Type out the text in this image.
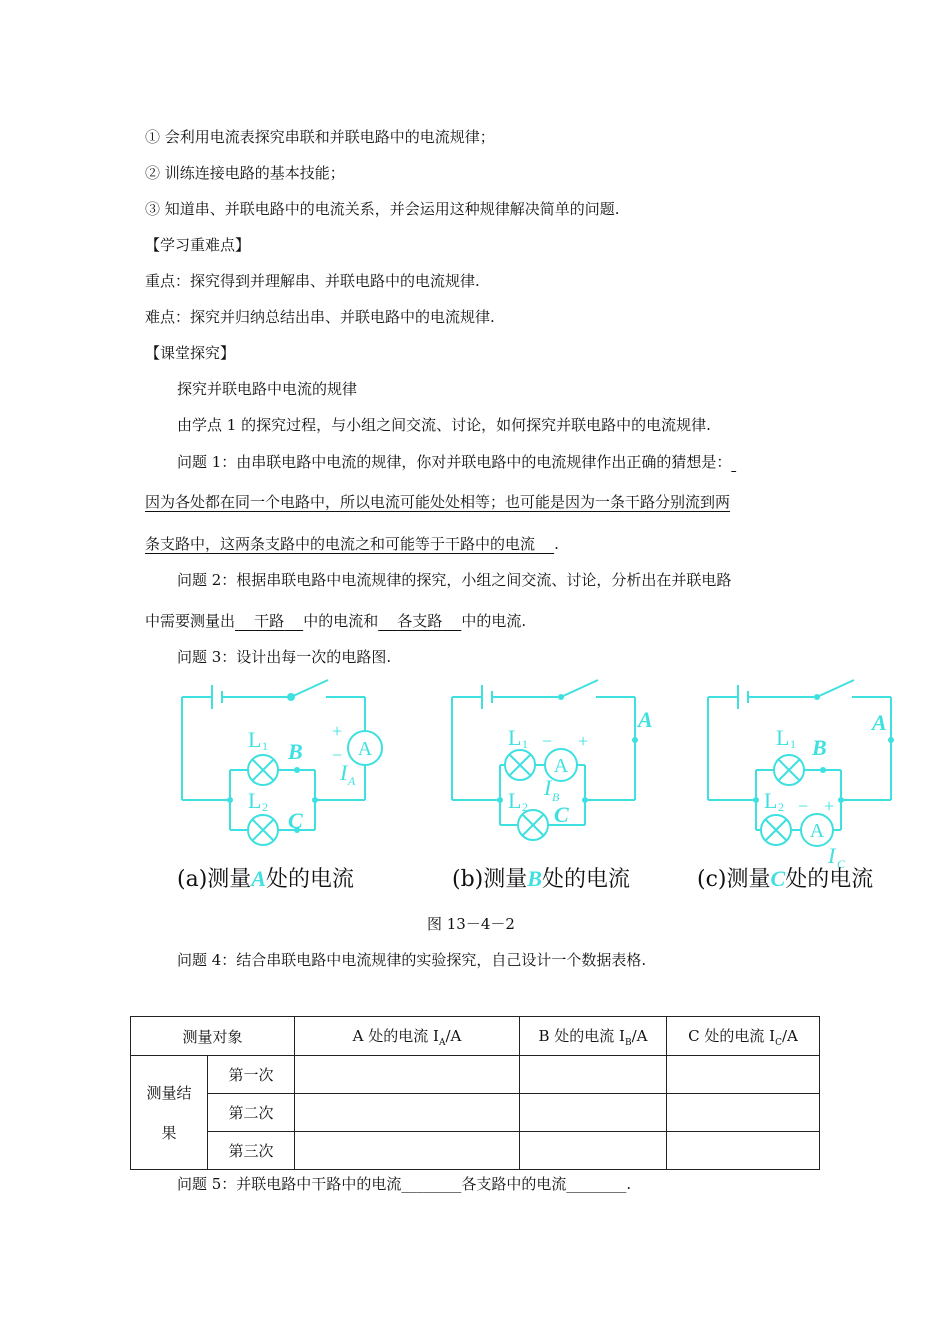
① 会利用电流表探究串联和并联电路中的电流规律；
② 训练连接电路的基本技能；
③ 知道串、并联电路中的电流关系，并会运用这种规律解决简单的问题.
【学习重难点】
重点：探究得到并理解串、并联电路中的电流规律.
难点：探究并归纳总结出串、并联电路中的电流规律.
【课堂探究】
探究并联电路中电流的规律
由学点 1 的探究过程，与小组之间交流、讨论，如何探究并联电路中的电流规律.
问题 1：由串联电路中电流的规律，你对并联电路中的电流规律作出正确的猜想是：
因为各处都在同一个电路中，所以电流可能处处相等；也可能是因为一条干路分别流到两
条支路中，这两条支路中的电流之和可能等于干路中的电流 .
问题 2：根据串联电路中电流规律的探究，小组之间交流、讨论，分析出在并联电路
中需要测量出 干路 中的电流和 各支路 中的电流.
问题 3：设计出每一次的电路图.
A
+
−
L 1
L 2
B
C
I A
A
− +
L 1
L 2
A
C
I B
A
− +
L 1
L 2
B
A
I C
(a)测量A处的电流	(b)测量B处的电流	(c)测量C处的电流
图 13－4－2
问题 4：结合串联电路中电流规律的实验探究，自己设计一个数据表格.
测量对象		A 处的电流 $I_A/A$	B 处的电流 $I_B/A$	C 处的电流 $I_C/A$
测量结
果	第一次			
	第二次			
	第三次			
问题 5：并联电路中干路中的电流________各支路中的电流________.
